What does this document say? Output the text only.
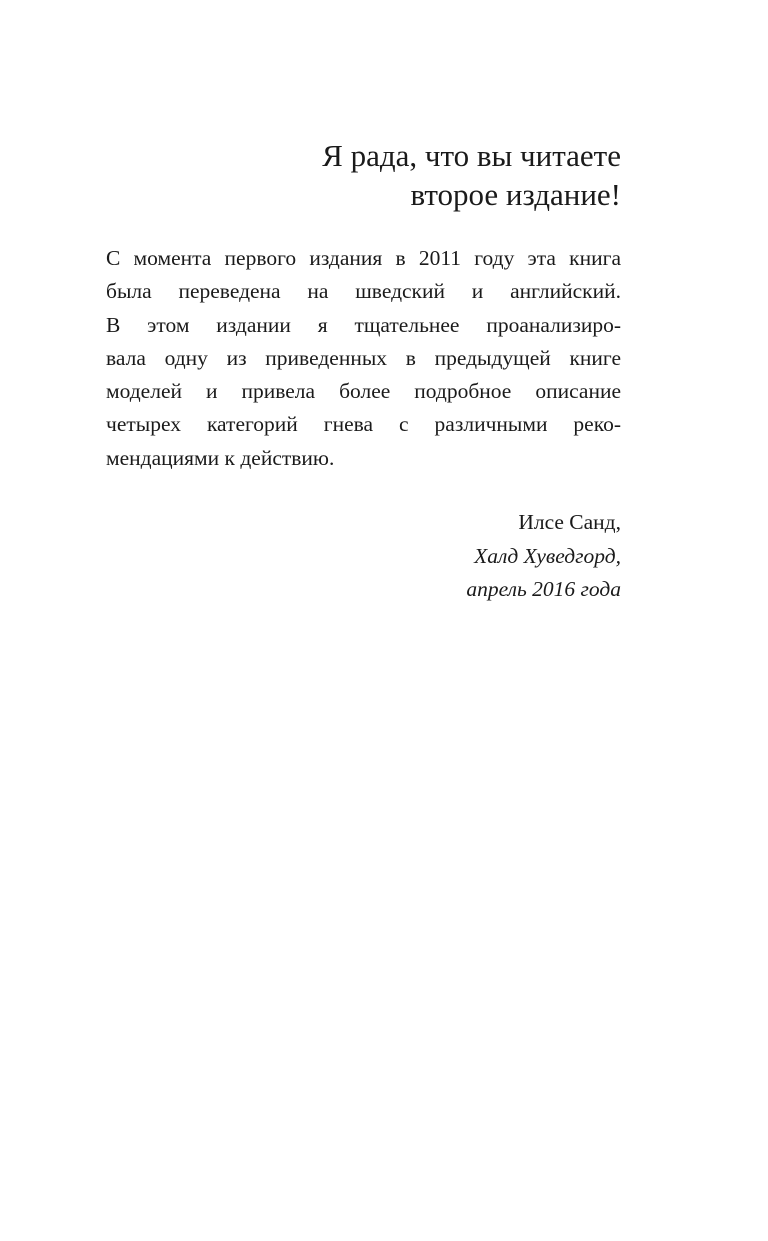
Я рада, что вы читаете
второе издание!

С момента первого издания в 2011 году эта книга
была переведена на шведский и английский.
В этом издании я тщательнее проанализиро-
вала одну из приведенных в предыдущей книге
моделей и привела более подробное описание
четырех категорий гнева с различными реко-
мендациями к действию.

Илсе Санд,
Халд Хуведгорд,
апрель 2016 года
